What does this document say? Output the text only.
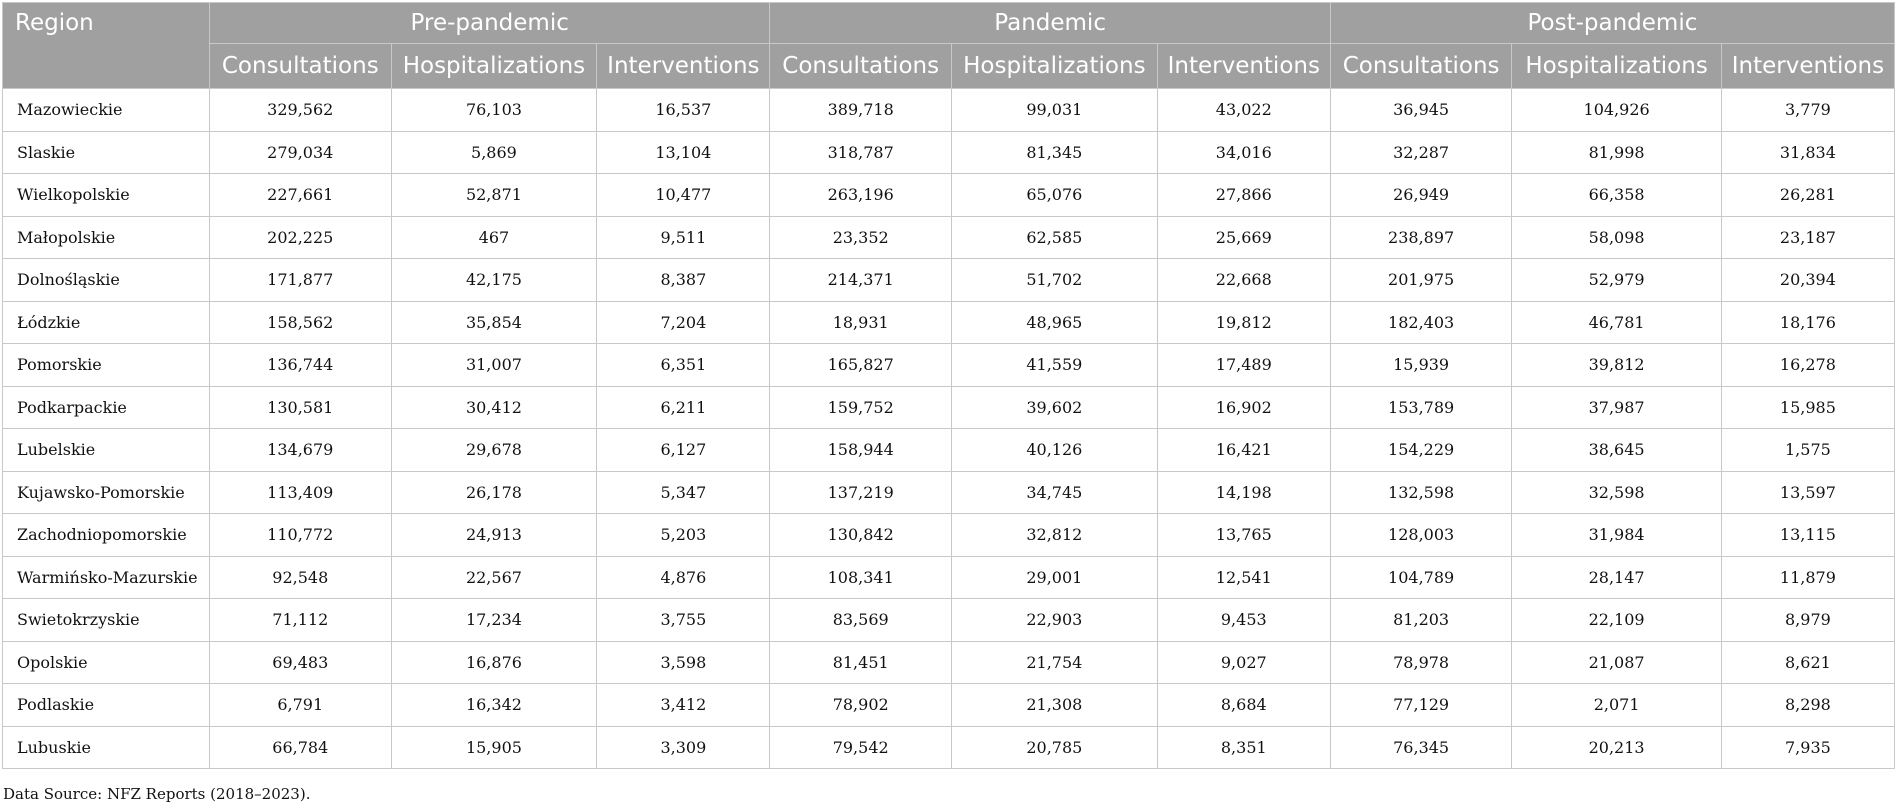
Region	Pre-pandemic			Pandemic			Post-pandemic		
	Consultations	Hospitalizations	Interventions	Consultations	Hospitalizations	Interventions	Consultations	Hospitalizations	Interventions
Mazowieckie	329,562	76,103	16,537	389,718	99,031	43,022	36,945	104,926	3,779
Slaskie	279,034	5,869	13,104	318,787	81,345	34,016	32,287	81,998	31,834
Wielkopolskie	227,661	52,871	10,477	263,196	65,076	27,866	26,949	66,358	26,281
Małopolskie	202,225	467	9,511	23,352	62,585	25,669	238,897	58,098	23,187
Dolnośląskie	171,877	42,175	8,387	214,371	51,702	22,668	201,975	52,979	20,394
Łódzkie	158,562	35,854	7,204	18,931	48,965	19,812	182,403	46,781	18,176
Pomorskie	136,744	31,007	6,351	165,827	41,559	17,489	15,939	39,812	16,278
Podkarpackie	130,581	30,412	6,211	159,752	39,602	16,902	153,789	37,987	15,985
Lubelskie	134,679	29,678	6,127	158,944	40,126	16,421	154,229	38,645	1,575
Kujawsko-Pomorskie	113,409	26,178	5,347	137,219	34,745	14,198	132,598	32,598	13,597
Zachodniopomorskie	110,772	24,913	5,203	130,842	32,812	13,765	128,003	31,984	13,115
Warmińsko-Mazurskie	92,548	22,567	4,876	108,341	29,001	12,541	104,789	28,147	11,879
Swietokrzyskie	71,112	17,234	3,755	83,569	22,903	9,453	81,203	22,109	8,979
Opolskie	69,483	16,876	3,598	81,451	21,754	9,027	78,978	21,087	8,621
Podlaskie	6,791	16,342	3,412	78,902	21,308	8,684	77,129	2,071	8,298
Lubuskie	66,784	15,905	3,309	79,542	20,785	8,351	76,345	20,213	7,935
Data Source: NFZ Reports (2018–2023).
